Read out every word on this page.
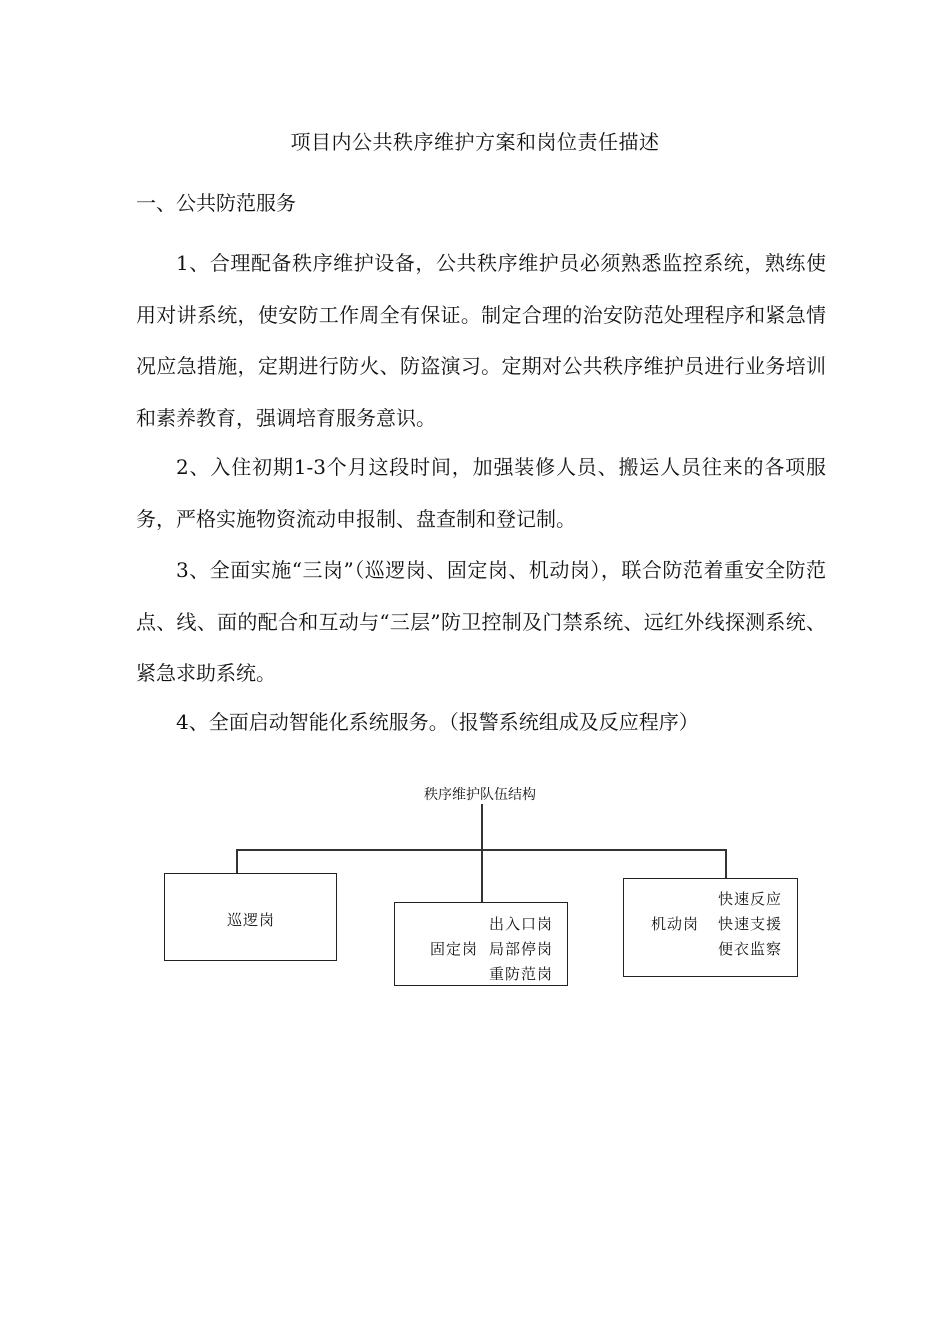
项目内公共秩序维护方案和岗位责任描述
一、公共防范服务

1、合理配备秩序维护设备，公共秩序维护员必须熟悉监控系统，熟练使用对讲系统，使安防工作周全有保证。制定合理的治安防范处理程序和紧急情况应急措施，定期进行防火、防盗演习。定期对公共秩序维护员进行业务培训和素养教育，强调培育服务意识。

2、入住初期1-3个月这段时间，加强装修人员、搬运人员往来的各项服务，严格实施物资流动申报制、盘查制和登记制。

3、全面实施“三岗”（巡逻岗、固定岗、机动岗），联合防范着重安全防范点、线、面的配合和互动与“三层”防卫控制及门禁系统、远红外线探测系统、紧急求助系统。

4、全面启动智能化系统服务。（报警系统组成及反应程序）

秩序维护队伍结构
巡逻岗
固定岗
出入口岗
局部停岗
重防范岗
机动岗
快速反应
快速支援
便衣监察
